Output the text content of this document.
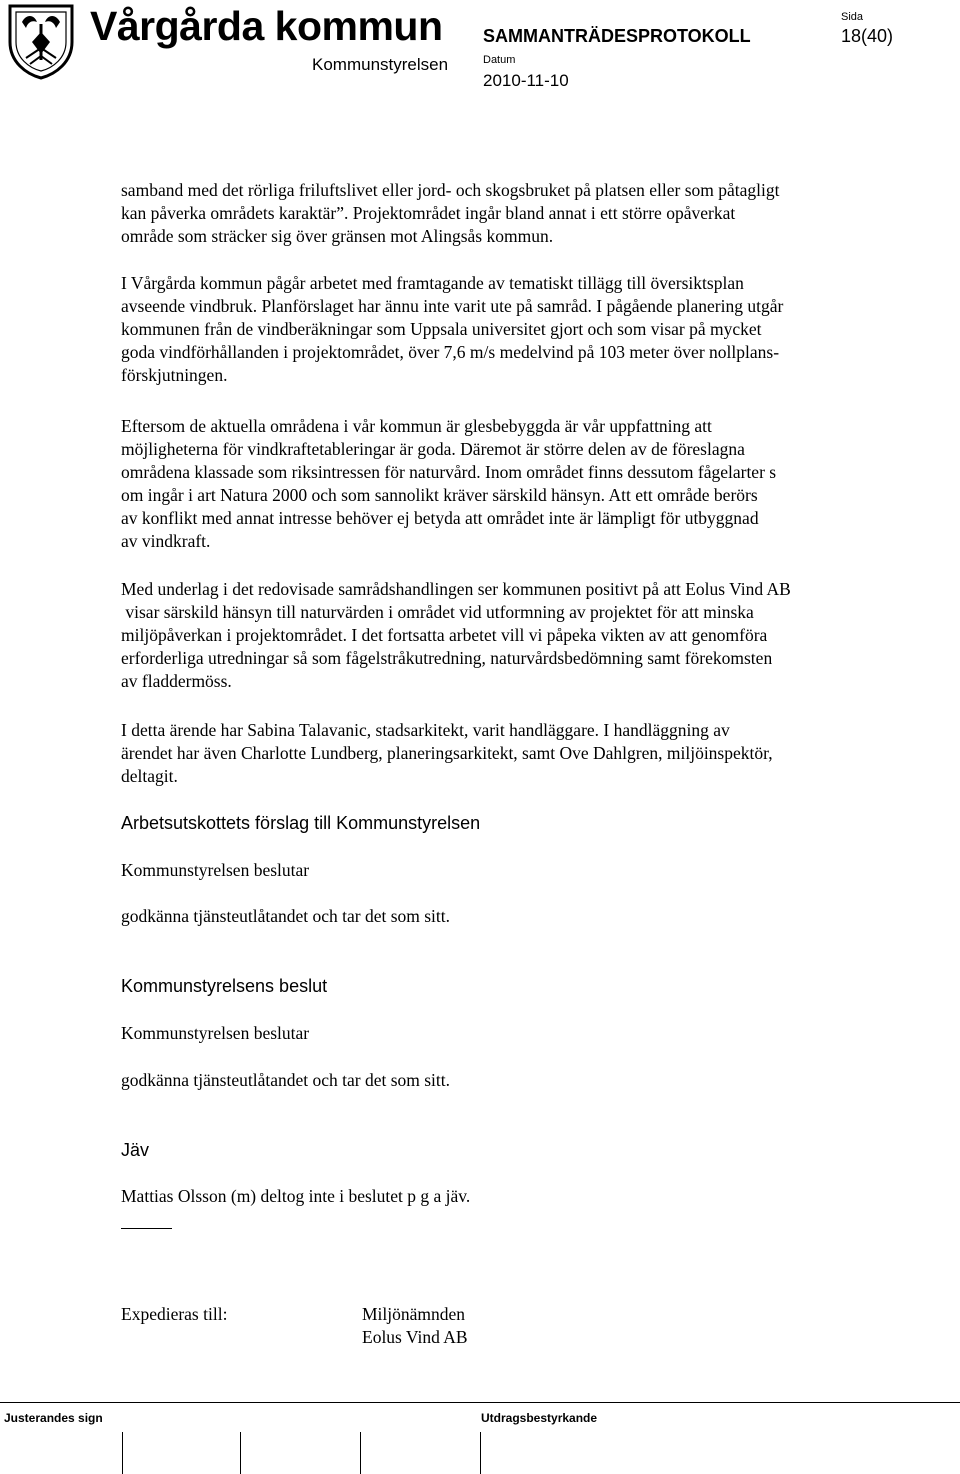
Vårgårda kommun
Kommunstyrelsen
SAMMANTRÄDESPROTOKOLL
Datum
2010-11-10
Sida
18(40)
samband med det rörliga friluftslivet eller jord- och skogsbruket på platsen eller som påtagligt
kan påverka områdets karaktär”. Projektområdet ingår bland annat i ett större opåverkat
område som sträcker sig över gränsen mot Alingsås kommun.
I Vårgårda kommun pågår arbetet med framtagande av tematiskt tillägg till översiktsplan
avseende vindbruk. Planförslaget har ännu inte varit ute på samråd. I pågående planering utgår
kommunen från de vindberäkningar som Uppsala universitet gjort och som visar på mycket
goda vindförhållanden i projektområdet, över 7,6 m/s medelvind på 103 meter över nollplans-
förskjutningen.
Eftersom de aktuella områdena i vår kommun är glesbebyggda är vår uppfattning att
möjligheterna för vindkraftetableringar är goda. Däremot är större delen av de föreslagna
områdena klassade som riksintressen för naturvård. Inom området finns dessutom fågelarter s
om ingår i art Natura 2000 och som sannolikt kräver särskild hänsyn. Att ett område berörs
av konflikt med annat intresse behöver ej betyda att området inte är lämpligt för utbyggnad
av vindkraft.
Med underlag i det redovisade samrådshandlingen ser kommunen positivt på att Eolus Vind AB
visar särskild hänsyn till naturvärden i området vid utformning av projektet för att minska
miljöpåverkan i projektområdet. I det fortsatta arbetet vill vi påpeka vikten av att genomföra
erforderliga utredningar så som fågelstråkutredning, naturvårdsbedömning samt förekomsten
av fladdermöss.
I detta ärende har Sabina Talavanic, stadsarkitekt, varit handläggare. I handläggning av
ärendet har även Charlotte Lundberg, planeringsarkitekt, samt Ove Dahlgren, miljöinspektör,
deltagit.
Arbetsutskottets förslag till Kommunstyrelsen
Kommunstyrelsen beslutar
godkänna tjänsteutlåtandet och tar det som sitt.
Kommunstyrelsens beslut
Kommunstyrelsen beslutar
godkänna tjänsteutlåtandet och tar det som sitt.
Jäv
Mattias Olsson (m) deltog inte i beslutet p g a jäv.
Expedieras till:	Miljönämnden
Eolus Vind AB
Justerandes sign	Utdragsbestyrkande
